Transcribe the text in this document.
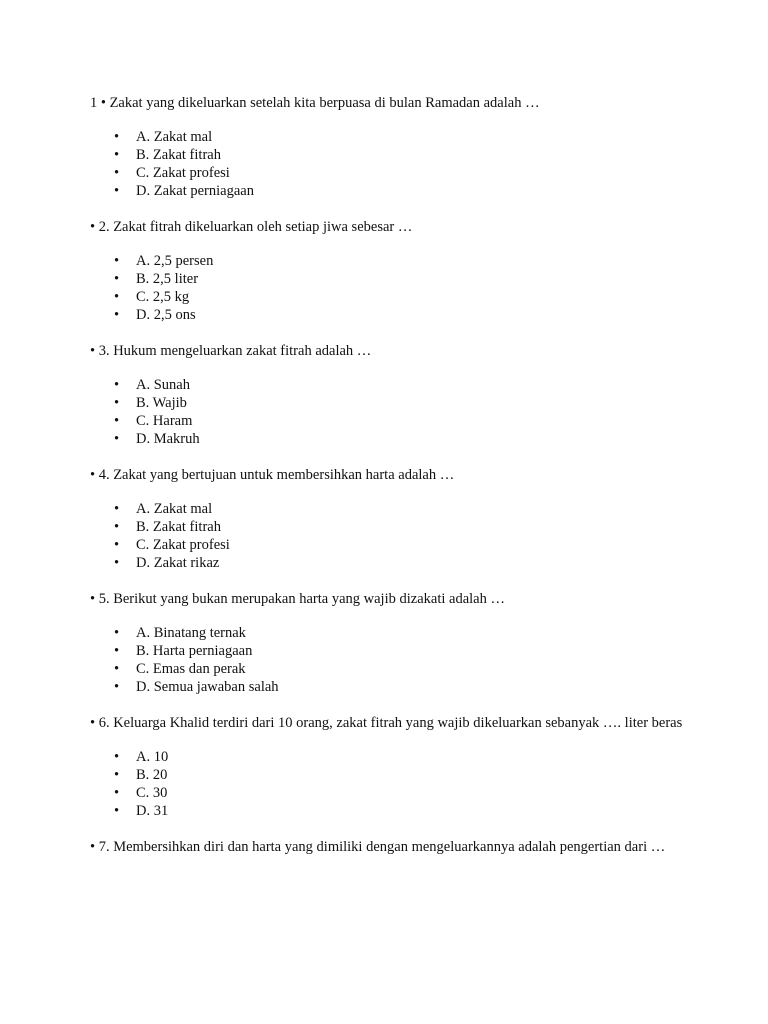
1 • Zakat yang dikeluarkan setelah kita berpuasa di bulan Ramadan adalah …

• A. Zakat mal
• B. Zakat fitrah
• C. Zakat profesi
• D. Zakat perniagaan

• 2. Zakat fitrah dikeluarkan oleh setiap jiwa sebesar …

• A. 2,5 persen
• B. 2,5 liter
• C. 2,5 kg
• D. 2,5 ons

• 3. Hukum mengeluarkan zakat fitrah adalah …

• A. Sunah
• B. Wajib
• C. Haram
• D. Makruh

• 4. Zakat yang bertujuan untuk membersihkan harta adalah …

• A. Zakat mal
• B. Zakat fitrah
• C. Zakat profesi
• D. Zakat rikaz

• 5. Berikut yang bukan merupakan harta yang wajib dizakati adalah …

• A. Binatang ternak
• B. Harta perniagaan
• C. Emas dan perak
• D. Semua jawaban salah

• 6. Keluarga Khalid terdiri dari 10 orang, zakat fitrah yang wajib dikeluarkan sebanyak …. liter beras

• A. 10
• B. 20
• C. 30
• D. 31

• 7. Membersihkan diri dan harta yang dimiliki dengan mengeluarkannya adalah pengertian dari …
